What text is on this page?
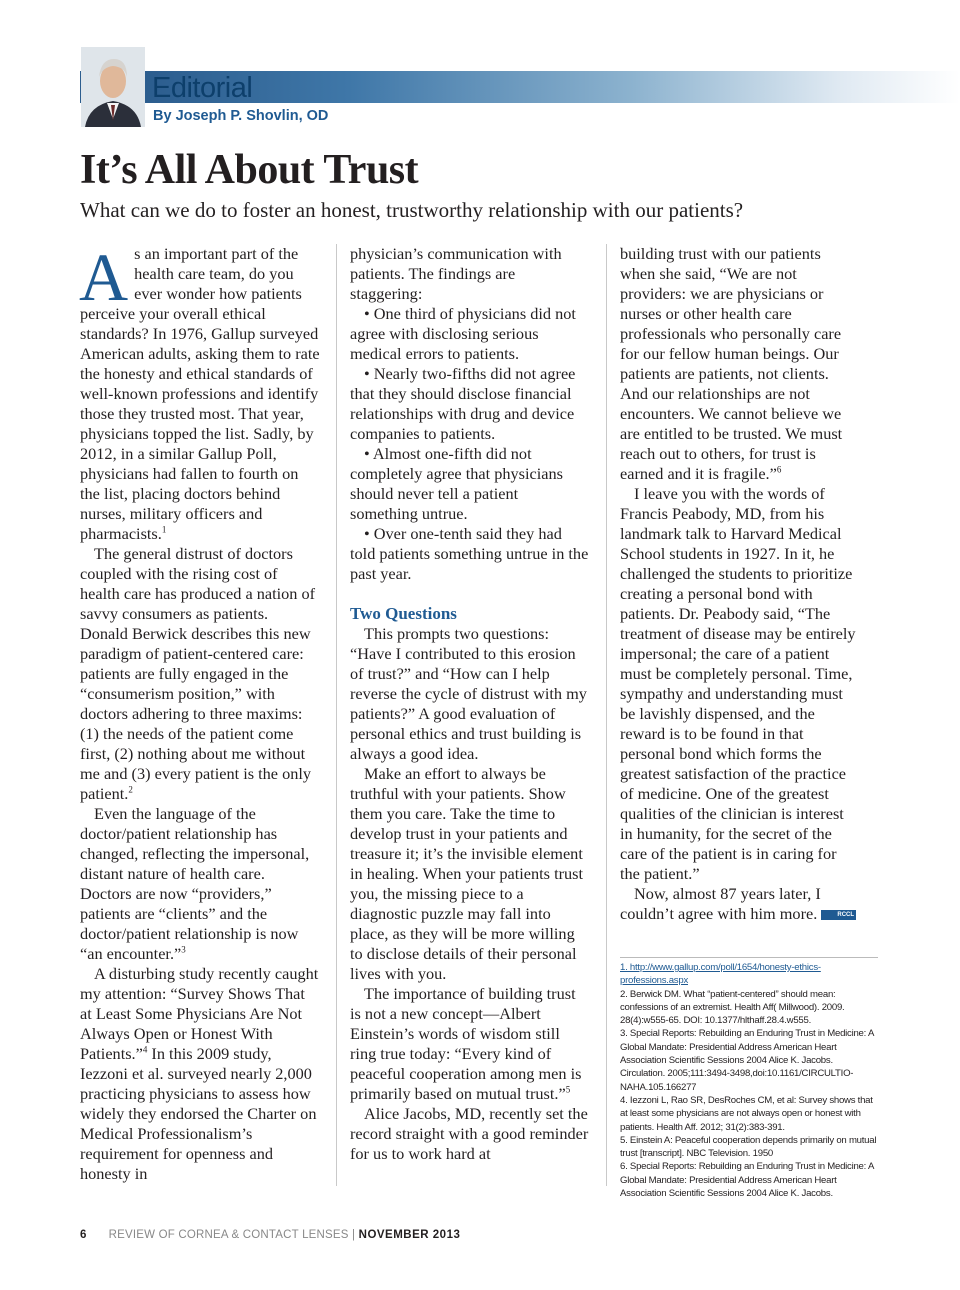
Editorial
By Joseph P. Shovlin, OD
It’s All About Trust

What can we do to foster an honest, trustworthy relationship with our patients?

As an important part of the health care team, do you ever wonder how patients perceive your overall ethical standards? In 1976, Gallup surveyed American adults, asking them to rate the honesty and ethical standards of well-known professions and identify those they trusted most. That year, physicians topped the list. Sadly, by 2012, in a similar Gallup Poll, physicians had fallen to fourth on the list, placing doctors behind nurses, military officers and pharmacists.$^1$

The general distrust of doctors coupled with the rising cost of health care has produced a nation of savvy consumers as patients. Donald Berwick describes this new paradigm of patient-centered care: patients are fully engaged in the “consumerism position,” with doctors adhering to three maxims: (1) the needs of the patient come first, (2) nothing about me without me and (3) every patient is the only patient.$^2$

Even the language of the doctor/patient relationship has changed, reflecting the impersonal, distant nature of health care. Doctors are now “providers,” patients are “clients” and the doctor/patient relationship is now “an encounter.”$^3$

A disturbing study recently caught my attention: “Survey Shows That at Least Some Physicians Are Not Always Open or Honest With Patients.”$^4$ In this 2009 study, Iezzoni et al. surveyed nearly 2,000 practicing physicians to assess how widely they endorsed the Charter on Medical Professionalism’s requirement for openness and honesty in

physician’s communication with patients. The findings are staggering:

• One third of physicians did not agree with disclosing serious medical errors to patients.

• Nearly two-fifths did not agree that they should disclose financial relationships with drug and device companies to patients.

• Almost one-fifth did not completely agree that physicians should never tell a patient something untrue.

• Over one-tenth said they had told patients something untrue in the past year.

Two Questions

This prompts two questions: “Have I contributed to this erosion of trust?” and “How can I help reverse the cycle of distrust with my patients?” A good evaluation of personal ethics and trust building is always a good idea.

Make an effort to always be truthful with your patients. Show them you care. Take the time to develop trust in your patients and treasure it; it’s the invisible element in healing. When your patients trust you, the missing piece to a diagnostic puzzle may fall into place, as they will be more willing to disclose details of their personal lives with you.

The importance of building trust is not a new concept—Albert Einstein’s words of wisdom still ring true today: “Every kind of peaceful cooperation among men is primarily based on mutual trust.”$^5$

Alice Jacobs, MD, recently set the record straight with a good reminder for us to work hard at

building trust with our patients when she said, “We are not providers: we are physicians or nurses or other health care professionals who personally care for our fellow human beings. Our patients are patients, not clients. And our relationships are not encounters. We cannot believe we are entitled to be trusted. We must reach out to others, for trust is earned and it is fragile.”$^6$

I leave you with the words of Francis Peabody, MD, from his landmark talk to Harvard Medical School students in 1927. In it, he challenged the students to prioritize creating a personal bond with patients. Dr. Peabody said, “The treatment of disease may be entirely impersonal; the care of a patient must be completely personal. Time, sympathy and understanding must be lavishly dispensed, and the reward is to be found in that personal bond which forms the greatest satisfaction of the practice of medicine. One of the greatest qualities of the clinician is interest in humanity, for the secret of the care of the patient is in caring for the patient.”

Now, almost 87 years later, I couldn’t agree with him more.	RCCL

1. http://www.gallup.com/poll/1654/honesty-ethics-professions.aspx
2. Berwick DM. What “patient-centered” should mean: confessions of an extremist. Health Aff( Millwood). 2009. 28(4):w555-65. DOI: 10.1377/hlthaff.28.4.w555.
3. Special Reports: Rebuilding an Enduring Trust in Medicine: A Global Mandate: Presidential Address American Heart Association Scientific Sessions 2004 Alice K. Jacobs. Circulation. 2005;111:3494-3498,doi:10.1161/CIRCULTIO-NAHA.105.166277
4. Iezzoni L, Rao SR, DesRoches CM, et al: Survey shows that at least some physicians are not always open or honest with patients. Health Aff. 2012; 31(2):383-391.
5. Einstein A: Peaceful cooperation depends primarily on mutual trust [transcript]. NBC Television. 1950
6. Special Reports: Rebuilding an Enduring Trust in Medicine: A Global Mandate: Presidential Address American Heart Association Scientific Sessions 2004 Alice K. Jacobs.
6 REVIEW OF CORNEA & CONTACT LENSES | NOVEMBER 2013
